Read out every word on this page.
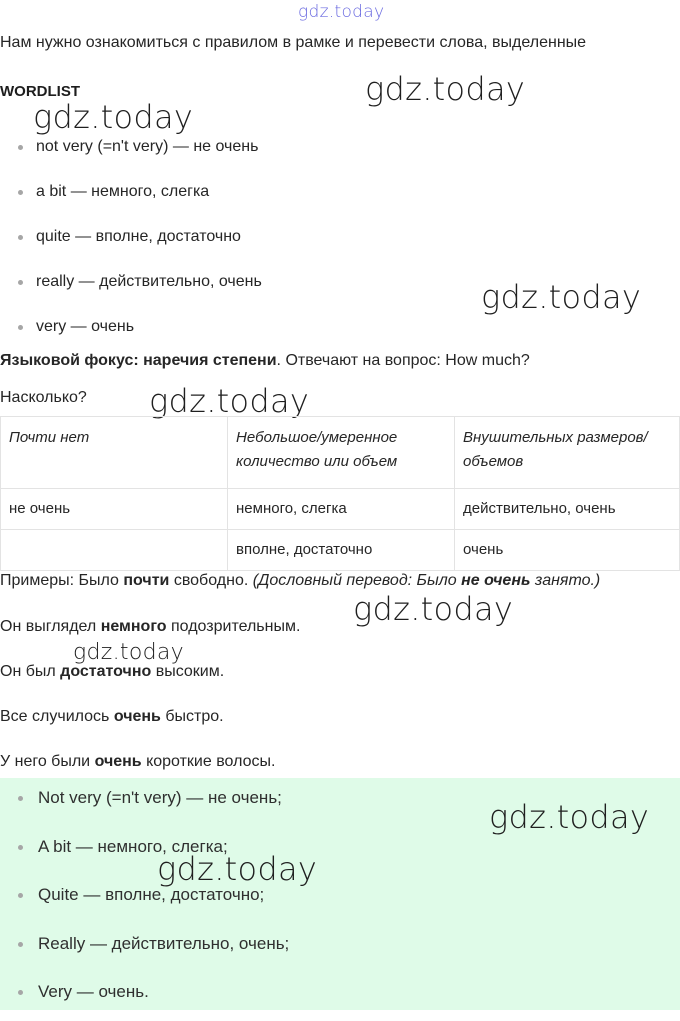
gdz.today
gdz.today
gdz.today
gdz.today
gdz.today
gdz.today
gdz.today
Нам нужно ознакомиться с правилом в рамке и перевести слова, выделенные
WORDLIST
not very (=n't very) — не очень
a bit — немного, слегка
quite — вполне, достаточно
really — действительно, очень
very — очень
Языковой фокус: наречия степени. Отвечают на вопрос: How much?
Насколько?
Почти нет	Небольшое/умеренное количество или объем	Внушительных размеров/ объемов
не очень	немного, слегка	действительно, очень
	вполне, достаточно	очень
Примеры: Было почти свободно. (Дословный перевод: Было не очень занято.)
Он выглядел немного подозрительным.
Он был достаточно высоким.
Все случилось очень быстро.
У него были очень короткие волосы.
Not very (=n't very) — не очень;
A bit — немного, слегка;
Quite — вполне, достаточно;
Really — действительно, очень;
Very — очень.
gdz.today
gdz.today
